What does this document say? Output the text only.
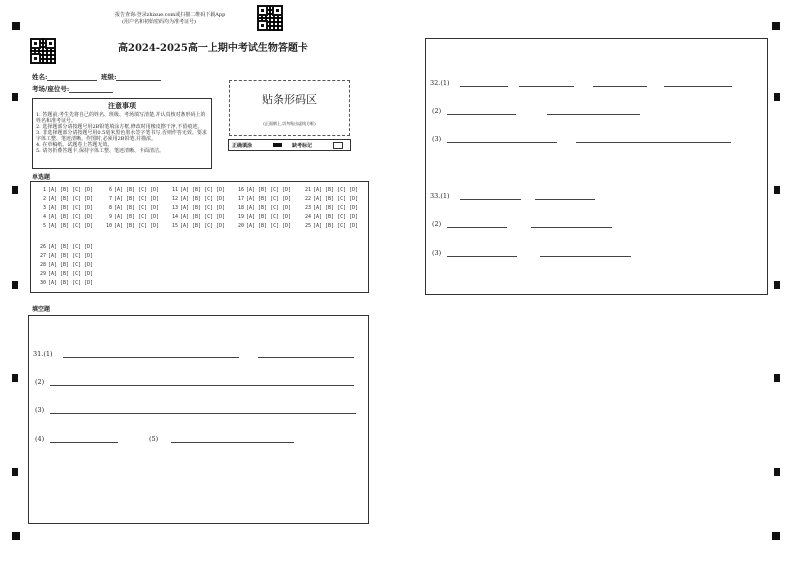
报告查询:登录zhixue.com或扫描二维码下载App
(用户名和初始密码均为准考证号)
高2024-2025高一上期中考试生物答题卡
姓名:	班级:
考场/座位号:
注意事项
1. 答题前,考生先将自己的姓名、班级、考场填写清楚,并认真核对条形码上的姓名和准考证号。
2. 选择题部分请按题号用2B铅笔填涂方框,修改时用橡皮擦干净,不留痕迹。
3. 非选择题部分请按题号用0.5毫米黑色墨水签字笔书写,否则作答无效。要求字体工整、笔迹清晰。作图时,必须用2B铅笔,并描浓。
4. 在草稿纸、试题卷上答题无效。
5. 请勿折叠答题卡,保持字体工整、笔迹清晰、卡面清洁。
贴条形码区
(正面朝上,切勿贴出虚线方框)
正确填涂	缺考标记
单选题
1 [A] [B] [C] [D]
2 [A] [B] [C] [D]
3 [A] [B] [C] [D]
4 [A] [B] [C] [D]
5 [A] [B] [C] [D]
6 [A] [B] [C] [D]
7 [A] [B] [C] [D]
8 [A] [B] [C] [D]
9 [A] [B] [C] [D]
10 [A] [B] [C] [D]
11 [A] [B] [C] [D]
12 [A] [B] [C] [D]
13 [A] [B] [C] [D]
14 [A] [B] [C] [D]
15 [A] [B] [C] [D]
16 [A] [B] [C] [D]
17 [A] [B] [C] [D]
18 [A] [B] [C] [D]
19 [A] [B] [C] [D]
20 [A] [B] [C] [D]
21 [A] [B] [C] [D]
22 [A] [B] [C] [D]
23 [A] [B] [C] [D]
24 [A] [B] [C] [D]
25 [A] [B] [C] [D]
26 [A] [B] [C] [D]
27 [A] [B] [C] [D]
28 [A] [B] [C] [D]
29 [A] [B] [C] [D]
30 [A] [B] [C] [D]
填空题
31.(1)
(2)
(3)
(4)	(5)
32.(1)
(2)
(3)
33.(1)
(2)
(3)
